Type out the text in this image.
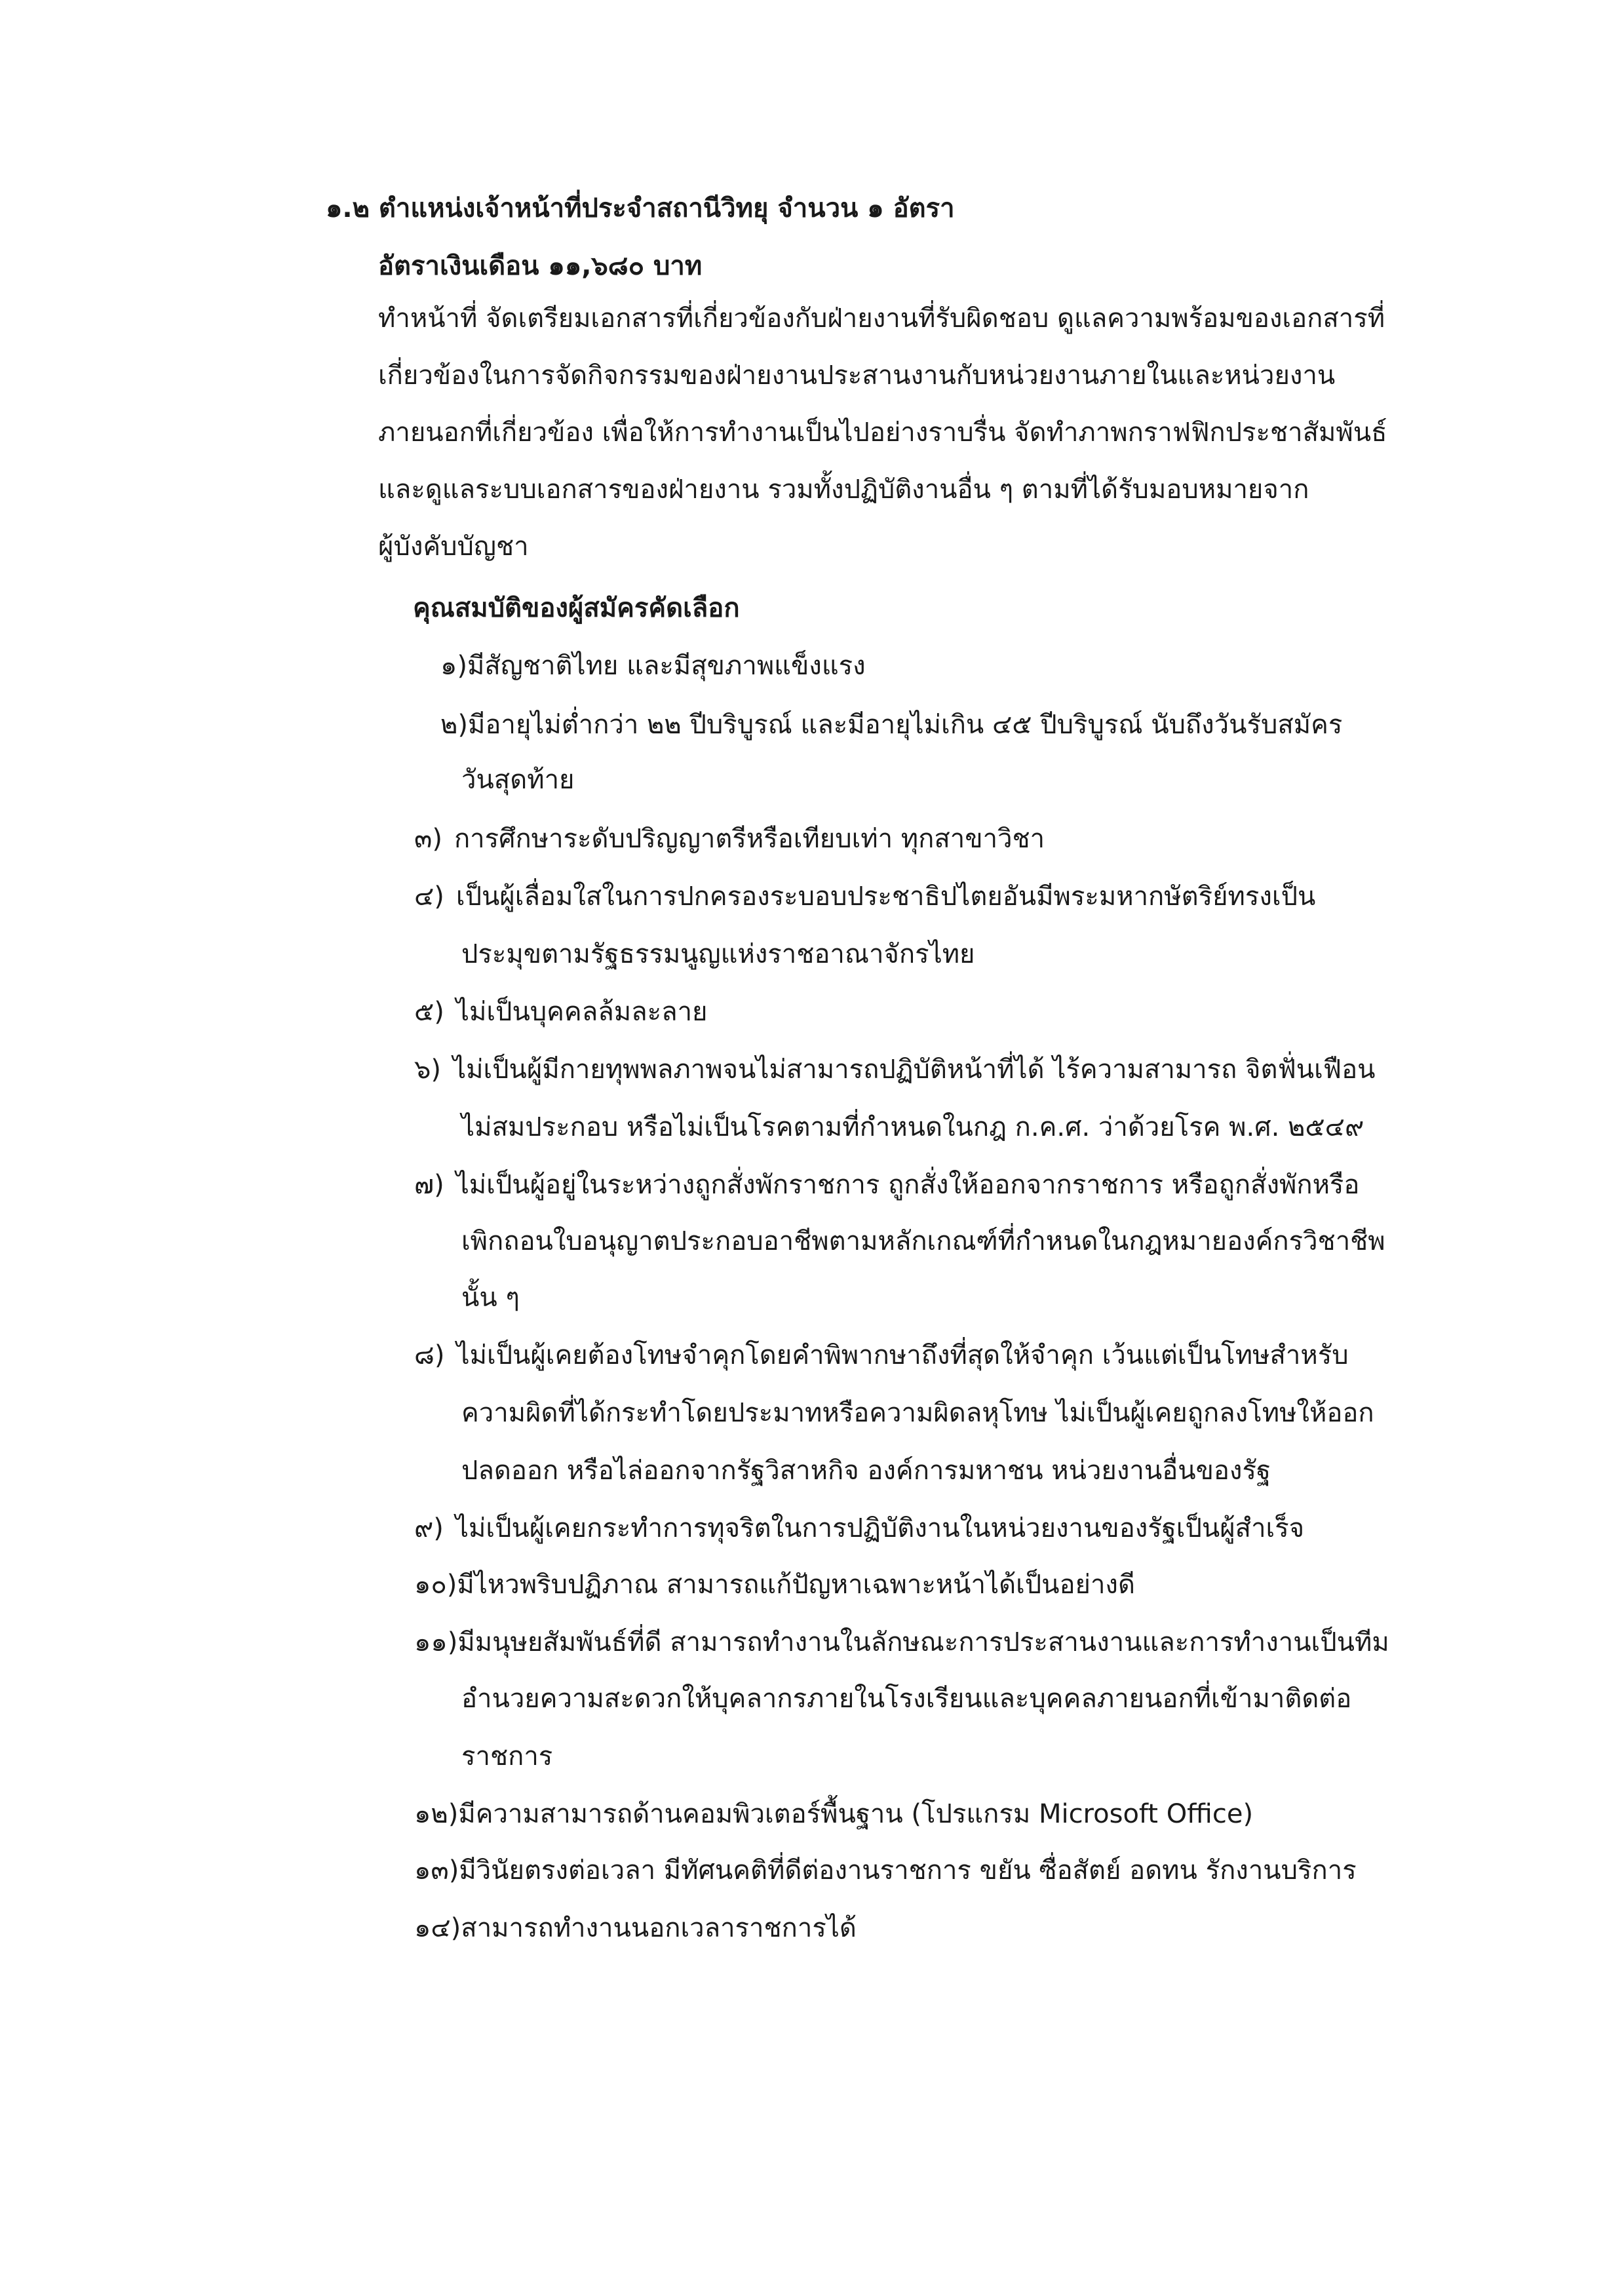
๑.๒ ตำแหน่งเจ้าหน้าที่ประจำสถานีวิทยุ จำนวน ๑ อัตรา
อัตราเงินเดือน ๑๑,๖๘๐ บาท
ทำหน้าที่ จัดเตรียมเอกสารที่เกี่ยวข้องกับฝ่ายงานที่รับผิดชอบ ดูแลความพร้อมของเอกสารที่
เกี่ยวข้องในการจัดกิจกรรมของฝ่ายงานประสานงานกับหน่วยงานภายในและหน่วยงาน
ภายนอกที่เกี่ยวข้อง เพื่อให้การทำงานเป็นไปอย่างราบรื่น จัดทำภาพกราฟฟิกประชาสัมพันธ์
และดูแลระบบเอกสารของฝ่ายงาน รวมทั้งปฏิบัติงานอื่น ๆ ตามที่ได้รับมอบหมายจาก
ผู้บังคับบัญชา
คุณสมบัติของผู้สมัครคัดเลือก
๑)มีสัญชาติไทย และมีสุขภาพแข็งแรง
๒)มีอายุไม่ต่ำกว่า ๒๒ ปีบริบูรณ์ และมีอายุไม่เกิน ๔๕ ปีบริบูรณ์ นับถึงวันรับสมัคร
วันสุดท้าย
๓) การศึกษาระดับปริญญาตรีหรือเทียบเท่า ทุกสาขาวิชา
๔) เป็นผู้เลื่อมใสในการปกครองระบอบประชาธิปไตยอันมีพระมหากษัตริย์ทรงเป็น
ประมุขตามรัฐธรรมนูญแห่งราชอาณาจักรไทย
๕) ไม่เป็นบุคคลล้มละลาย
๖) ไม่เป็นผู้มีกายทุพพลภาพจนไม่สามารถปฏิบัติหน้าที่ได้ ไร้ความสามารถ จิตฟั่นเฟือน
ไม่สมประกอบ หรือไม่เป็นโรคตามที่กำหนดในกฎ ก.ค.ศ. ว่าด้วยโรค พ.ศ. ๒๕๔๙
๗) ไม่เป็นผู้อยู่ในระหว่างถูกสั่งพักราชการ ถูกสั่งให้ออกจากราชการ หรือถูกสั่งพักหรือ
เพิกถอนใบอนุญาตประกอบอาชีพตามหลักเกณฑ์ที่กำหนดในกฎหมายองค์กรวิชาชีพ
นั้น ๆ
๘) ไม่เป็นผู้เคยต้องโทษจำคุกโดยคำพิพากษาถึงที่สุดให้จำคุก เว้นแต่เป็นโทษสำหรับ
ความผิดที่ได้กระทำโดยประมาทหรือความผิดลหุโทษ ไม่เป็นผู้เคยถูกลงโทษให้ออก
ปลดออก หรือไล่ออกจากรัฐวิสาหกิจ องค์การมหาชน หน่วยงานอื่นของรัฐ
๙) ไม่เป็นผู้เคยกระทำการทุจริตในการปฏิบัติงานในหน่วยงานของรัฐเป็นผู้สำเร็จ
๑๐)มีไหวพริบปฏิภาณ สามารถแก้ปัญหาเฉพาะหน้าได้เป็นอย่างดี
๑๑)มีมนุษยสัมพันธ์ที่ดี สามารถทำงานในลักษณะการประสานงานและการทำงานเป็นทีม
อำนวยความสะดวกให้บุคลากรภายในโรงเรียนและบุคคลภายนอกที่เข้ามาติดต่อ
ราชการ
๑๒)มีความสามารถด้านคอมพิวเตอร์พื้นฐาน (โปรแกรม Microsoft Office)
๑๓)มีวินัยตรงต่อเวลา มีทัศนคติที่ดีต่องานราชการ ขยัน ซื่อสัตย์ อดทน รักงานบริการ
๑๔)สามารถทำงานนอกเวลาราชการได้
